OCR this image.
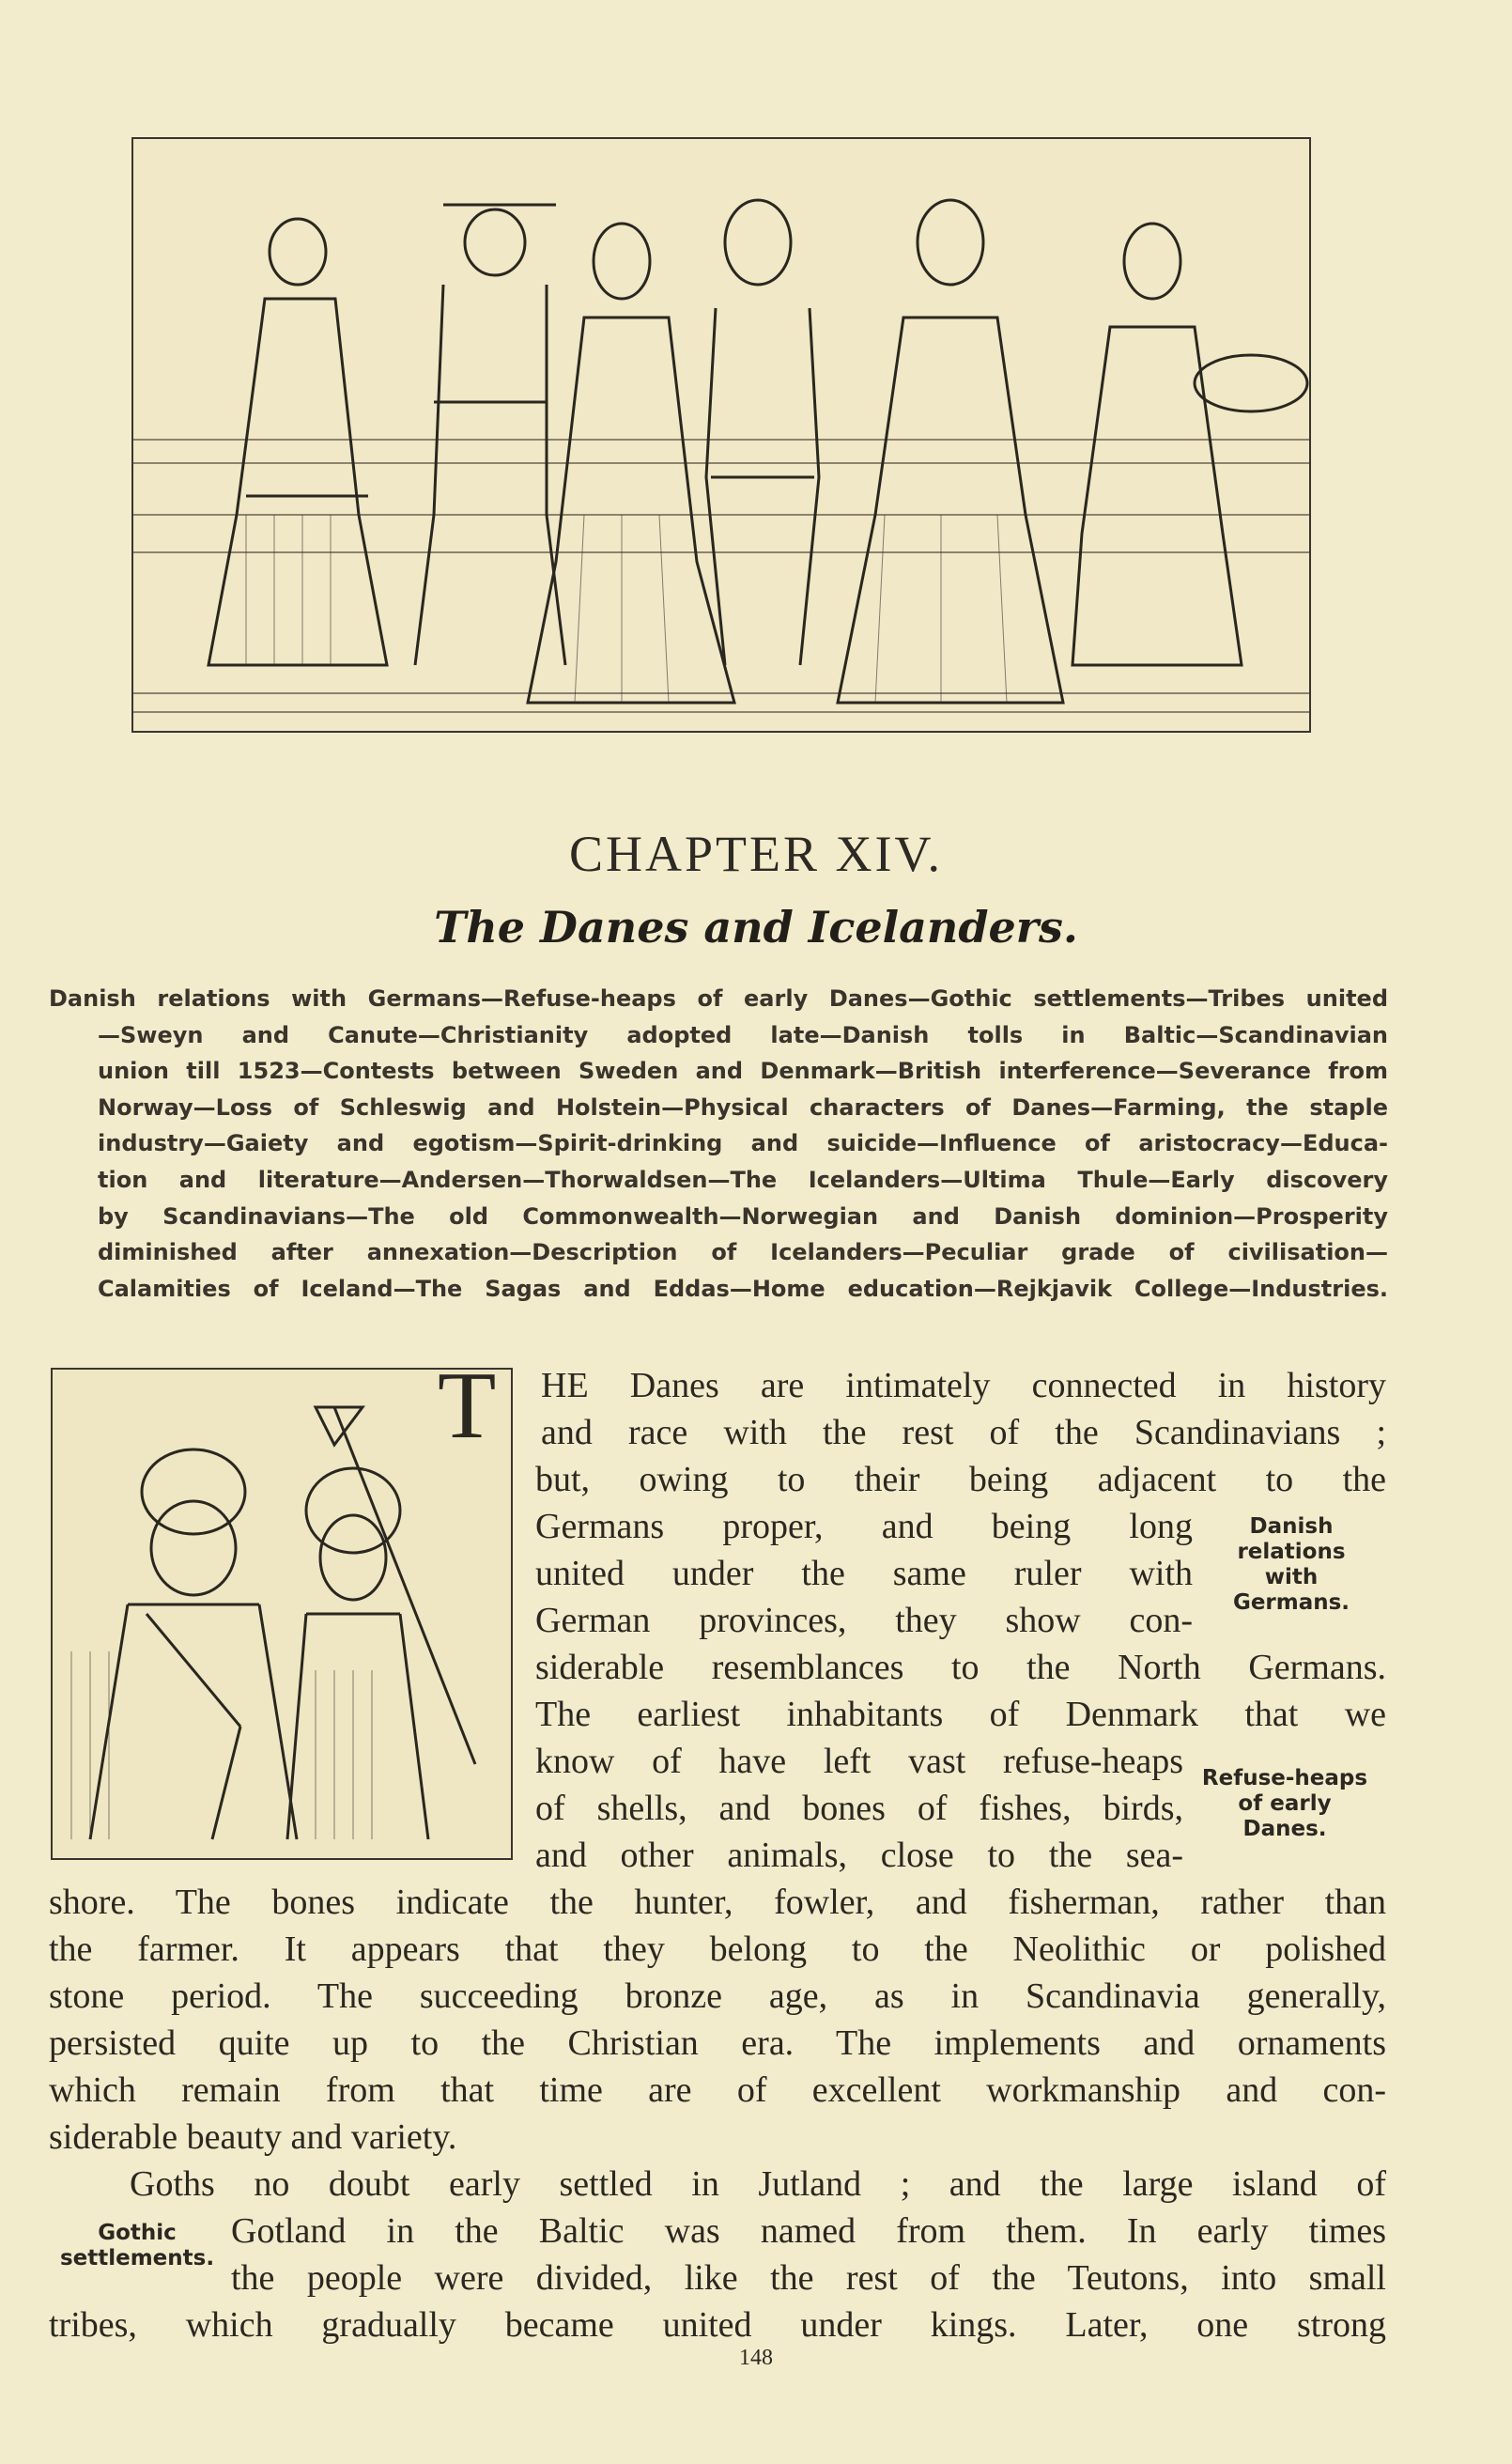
CHAPTER XIV.
The Danes and Icelanders.
Danish relations with Germans—Refuse-heaps of early Danes—Gothic settlements—Tribes united
—Sweyn and Canute—Christianity adopted late—Danish tolls in Baltic—Scandinavian
union till 1523—Contests between Sweden and Denmark—British interference—Severance from
Norway—Loss of Schleswig and Holstein—Physical characters of Danes—Farming, the staple
industry—Gaiety and egotism—Spirit-drinking and suicide—Influence of aristocracy—Educa-
tion and literature—Andersen—Thorwaldsen—The Icelanders—Ultima Thule—Early discovery
by Scandinavians—The old Commonwealth—Norwegian and Danish dominion—Prosperity
diminished after annexation—Description of Icelanders—Peculiar grade of civilisation—
Calamities of Iceland—The Sagas and Eddas—Home education—Rejkjavik College—Industries.
T HE Danes are intimately connected in history
and race with the rest of the Scandinavians ;
but, owing to their being adjacent to the
Germans proper, and being long
united under the same ruler with
German provinces, they show con-
siderable resemblances to the North Germans.
The earliest inhabitants of Denmark that we
know of have left vast refuse-heaps
of shells, and bones of fishes, birds,
and other animals, close to the sea-
shore. The bones indicate the hunter, fowler, and fisherman, rather than
the farmer. It appears that they belong to the Neolithic or polished
stone period. The succeeding bronze age, as in Scandinavia generally,
persisted quite up to the Christian era. The implements and ornaments
which remain from that time are of excellent workmanship and con-
siderable beauty and variety.
Goths no doubt early settled in Jutland ; and the large island of
Gotland in the Baltic was named from them. In early times
the people were divided, like the rest of the Teutons, into small
tribes, which gradually became united under kings. Later, one strong
Danish
relations
with
Germans.
Refuse-heaps
of early
Danes.
Gothic
settlements.
148
